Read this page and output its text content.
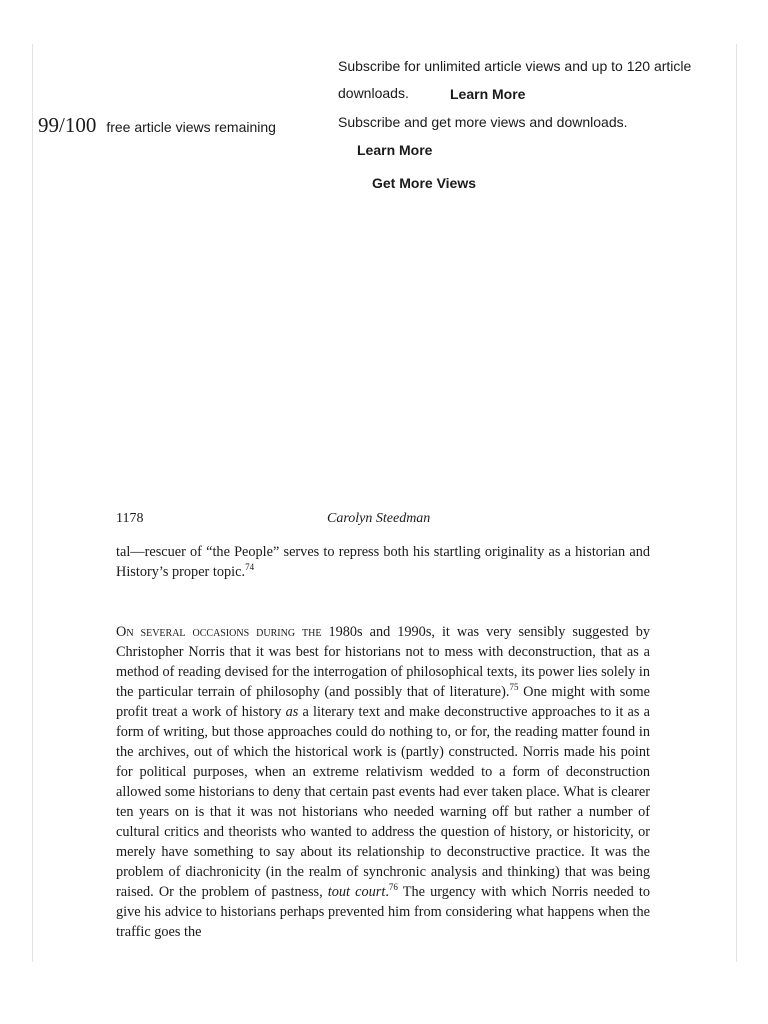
99/100 free article views remaining
Subscribe for unlimited article views and up to 120 article
downloads.	Learn More
Subscribe and get more views and downloads.
Learn More
Get More Views
1178	Carolyn Steedman

tal—rescuer of “the People” serves to repress both his startling originality as a historian and History’s proper topic.$^{74}$

On several occasions during the 1980s and 1990s, it was very sensibly suggested by Christopher Norris that it was best for historians not to mess with deconstruction, that as a method of reading devised for the interrogation of philosophical texts, its power lies solely in the particular terrain of philosophy (and possibly that of literature).$^{75}$ One might with some profit treat a work of history as a literary text and make deconstructive approaches to it as a form of writing, but those approaches could do nothing to, or for, the reading matter found in the archives, out of which the historical work is (partly) constructed. Norris made his point for political purposes, when an extreme relativism wedded to a form of deconstruction allowed some historians to deny that certain past events had ever taken place. What is clearer ten years on is that it was not historians who needed warning off but rather a number of cultural critics and theorists who wanted to address the question of history, or historicity, or merely have something to say about its relationship to deconstructive practice. It was the problem of diachronicity (in the realm of synchronic analysis and thinking) that was being raised. Or the problem of pastness, tout court.$^{76}$ The urgency with which Norris needed to give his advice to historians perhaps prevented him from considering what happens when the traffic goes the
